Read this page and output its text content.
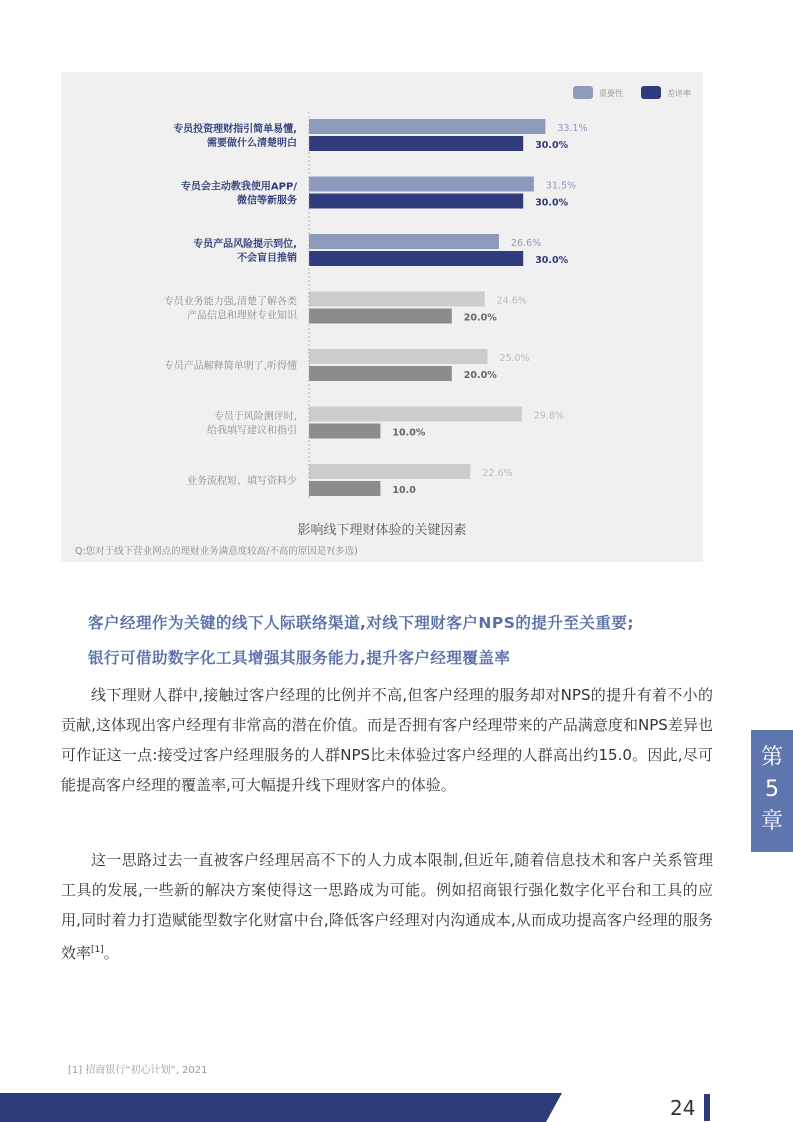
重要性	差评率
专员投资理财指引简单易懂,需要做什么清楚明白
33.1%
30.0%
专员会主动教我使用APP/微信等新服务
31.5%
30.0%
专员产品风险提示到位,不会盲目推销
26.6%
30.0%
专员业务能力强,清楚了解各类产品信息和理财专业知识
24.6%
20.0%
专员产品解释简单明了,听得懂
25.0%
20.0%
专员于风险测评时,给我填写建议和指引
29.8%
10.0%
业务流程短、填写资料少
22.6%
10.0
影响线下理财体验的关键因素
Q:您对于线下营业网点的理财业务满意度较高/不高的原因是?(多选)
客户经理作为关键的线下人际联络渠道,对线下理财客户NPS的提升至关重要;
银行可借助数字化工具增强其服务能力,提升客户经理覆盖率
线下理财人群中,接触过客户经理的比例并不高,但客户经理的服务却对NPS的提升有着不小的贡献,这体现出客户经理有非常高的潜在价值。而是否拥有客户经理带来的产品满意度和NPS差异也可作证这一点:接受过客户经理服务的人群NPS比未体验过客户经理的人群高出约15.0。因此,尽可能提高客户经理的覆盖率,可大幅提升线下理财客户的体验。
这一思路过去一直被客户经理居高不下的人力成本限制,但近年,随着信息技术和客户关系管理工具的发展,一些新的解决方案使得这一思路成为可能。例如招商银行强化数字化平台和工具的应用,同时着力打造赋能型数字化财富中台,降低客户经理对内沟通成本,从而成功提高客户经理的服务效率[1]。
第
5
章
[1] 招商银行“初心计划”, 2021
24
